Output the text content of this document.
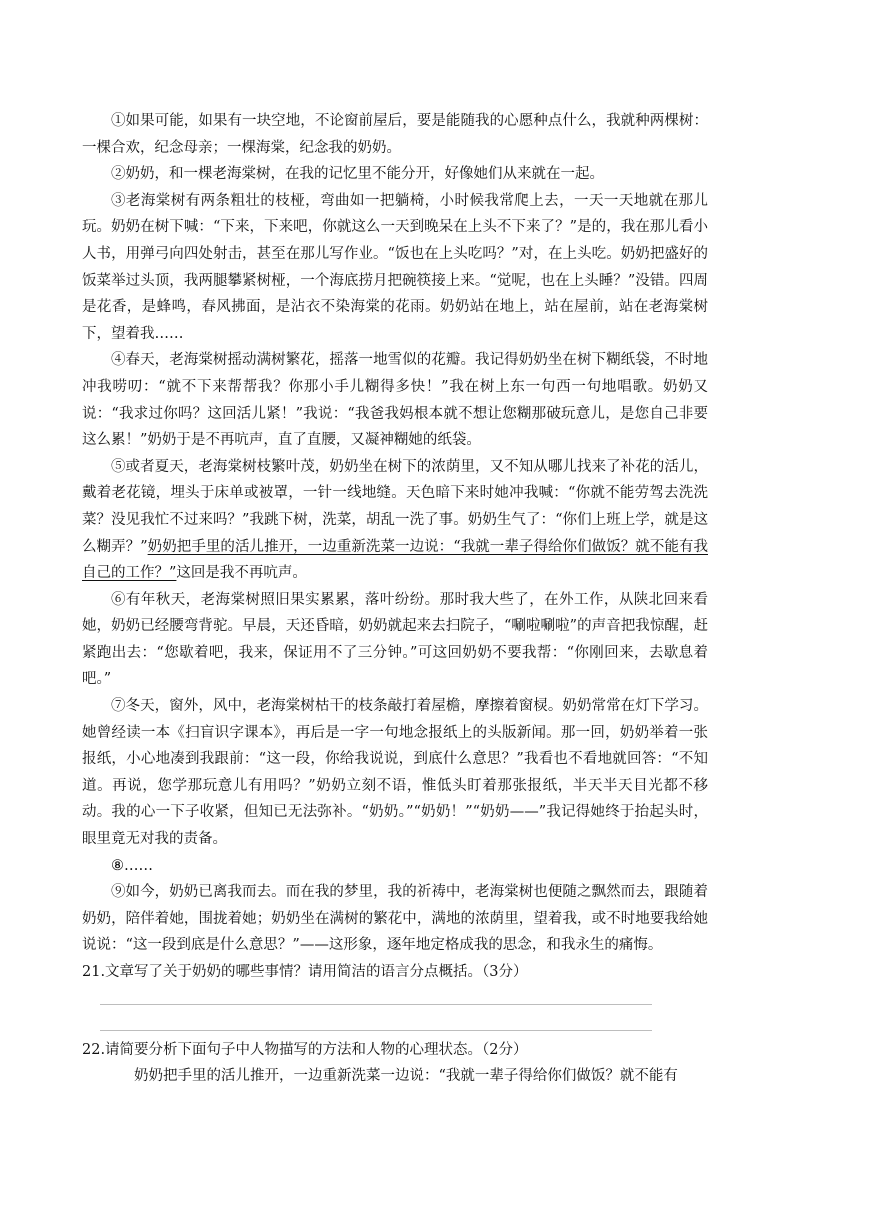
①如果可能，如果有一块空地，不论窗前屋后，要是能随我的心愿种点什么，我就种两棵树：一棵合欢，纪念母亲；一棵海棠，纪念我的奶奶。

②奶奶，和一棵老海棠树，在我的记忆里不能分开，好像她们从来就在一起。

③老海棠树有两条粗壮的枝桠，弯曲如一把躺椅，小时候我常爬上去，一天一天地就在那儿玩。奶奶在树下喊：“下来，下来吧，你就这么一天到晚呆在上头不下来了？”是的，我在那儿看小人书，用弹弓向四处射击，甚至在那儿写作业。“饭也在上头吃吗？”对，在上头吃。奶奶把盛好的饭菜举过头顶，我两腿攀紧树桠，一个海底捞月把碗筷接上来。“觉呢，也在上头睡？”没错。四周是花香，是蜂鸣，春风拂面，是沾衣不染海棠的花雨。奶奶站在地上，站在屋前，站在老海棠树下，望着我……

④春天，老海棠树摇动满树繁花，摇落一地雪似的花瓣。我记得奶奶坐在树下糊纸袋，不时地冲我唠叨：“就不下来帮帮我？你那小手儿糊得多快！”我在树上东一句西一句地唱歌。奶奶又说：“我求过你吗？这回活儿紧！”我说：“我爸我妈根本就不想让您糊那破玩意儿，是您自己非要这么累！”奶奶于是不再吭声，直了直腰，又凝神糊她的纸袋。

⑤或者夏天，老海棠树枝繁叶茂，奶奶坐在树下的浓荫里，又不知从哪儿找来了补花的活儿，戴着老花镜，埋头于床单或被罩，一针一线地缝。天色暗下来时她冲我喊：“你就不能劳驾去洗洗菜？没见我忙不过来吗？”我跳下树，洗菜，胡乱一洗了事。奶奶生气了：“你们上班上学，就是这么糊弄？”奶奶把手里的活儿推开，一边重新洗菜一边说：“我就一辈子得给你们做饭？就不能有我自己的工作？”这回是我不再吭声。

⑥有年秋天，老海棠树照旧果实累累，落叶纷纷。那时我大些了，在外工作，从陕北回来看她，奶奶已经腰弯背驼。早晨，天还昏暗，奶奶就起来去扫院子，“唰啦唰啦”的声音把我惊醒，赶紧跑出去：“您歇着吧，我来，保证用不了三分钟。”可这回奶奶不要我帮：“你刚回来，去歇息着吧。”

⑦冬天，窗外，风中，老海棠树枯干的枝条敲打着屋檐，摩擦着窗棂。奶奶常常在灯下学习。她曾经读一本《扫盲识字课本》，再后是一字一句地念报纸上的头版新闻。那一回，奶奶举着一张报纸，小心地凑到我跟前：“这一段，你给我说说，到底什么意思？”我看也不看地就回答：“不知道。再说，您学那玩意儿有用吗？”奶奶立刻不语，惟低头盯着那张报纸，半天半天目光都不移动。我的心一下子收紧，但知已无法弥补。“奶奶。”“奶奶！”“奶奶——”我记得她终于抬起头时，眼里竟无对我的责备。

⑧……

⑨如今，奶奶已离我而去。而在我的梦里，我的祈祷中，老海棠树也便随之飘然而去，跟随着奶奶，陪伴着她，围拢着她；奶奶坐在满树的繁花中，满地的浓荫里，望着我，或不时地要我给她说说：“这一段到底是什么意思？”——这形象，逐年地定格成我的思念，和我永生的痛悔。

21.文章写了关于奶奶的哪些事情？请用简洁的语言分点概括。（3分）

22.请简要分析下面句子中人物描写的方法和人物的心理状态。（2分）

奶奶把手里的活儿推开，一边重新洗菜一边说：“我就一辈子得给你们做饭？就不能有
